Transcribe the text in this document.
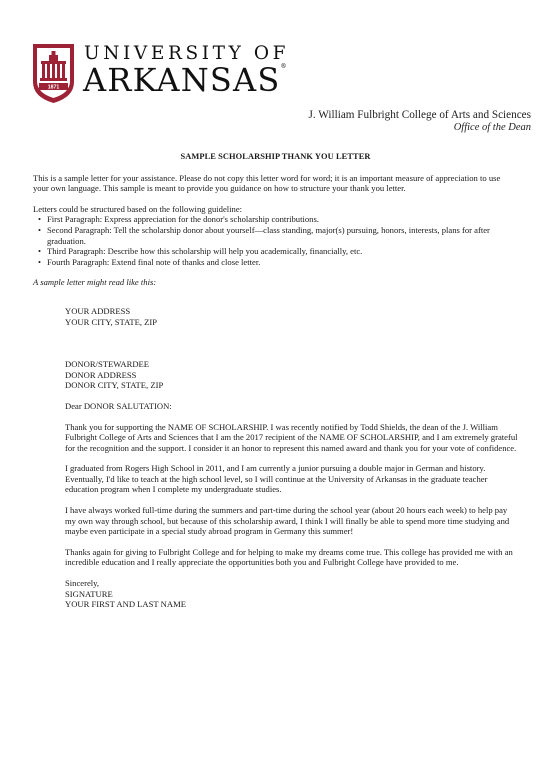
1871
UNIVERSITY OF
ARKANSAS®
J. William Fulbright College of Arts and Sciences
Office of the Dean
SAMPLE SCHOLARSHIP THANK YOU LETTER

This is a sample letter for your assistance. Please do not copy this letter word for word; it is an important measure of appreciation to use your own language. This sample is meant to provide you guidance on how to structure your thank you letter.

Letters could be structured based on the following guideline:

• First Paragraph: Express appreciation for the donor's scholarship contributions.
• Second Paragraph: Tell the scholarship donor about yourself—class standing, major(s) pursuing, honors, interests, plans for after graduation.
• Third Paragraph: Describe how this scholarship will help you academically, financially, etc.
• Fourth Paragraph: Extend final note of thanks and close letter.

A sample letter might read like this:

YOUR ADDRESS

YOUR CITY, STATE, ZIP

DONOR/STEWARDEE

DONOR ADDRESS

DONOR CITY, STATE, ZIP

Dear DONOR SALUTATION:

Thank you for supporting the NAME OF SCHOLARSHIP. I was recently notified by Todd Shields, the dean of the J. William Fulbright College of Arts and Sciences that I am the 2017 recipient of the NAME OF SCHOLARSHIP, and I am extremely grateful for the recognition and the support. I consider it an honor to represent this named award and thank you for your vote of confidence.

I graduated from Rogers High School in 2011, and I am currently a junior pursuing a double major in German and history. Eventually, I'd like to teach at the high school level, so I will continue at the University of Arkansas in the graduate teacher education program when I complete my undergraduate studies.

I have always worked full-time during the summers and part-time during the school year (about 20 hours each week) to help pay my own way through school, but because of this scholarship award, I think I will finally be able to spend more time studying and maybe even participate in a special study abroad program in Germany this summer!

Thanks again for giving to Fulbright College and for helping to make my dreams come true. This college has provided me with an incredible education and I really appreciate the opportunities both you and Fulbright College have provided to me.

Sincerely,

SIGNATURE

YOUR FIRST AND LAST NAME
